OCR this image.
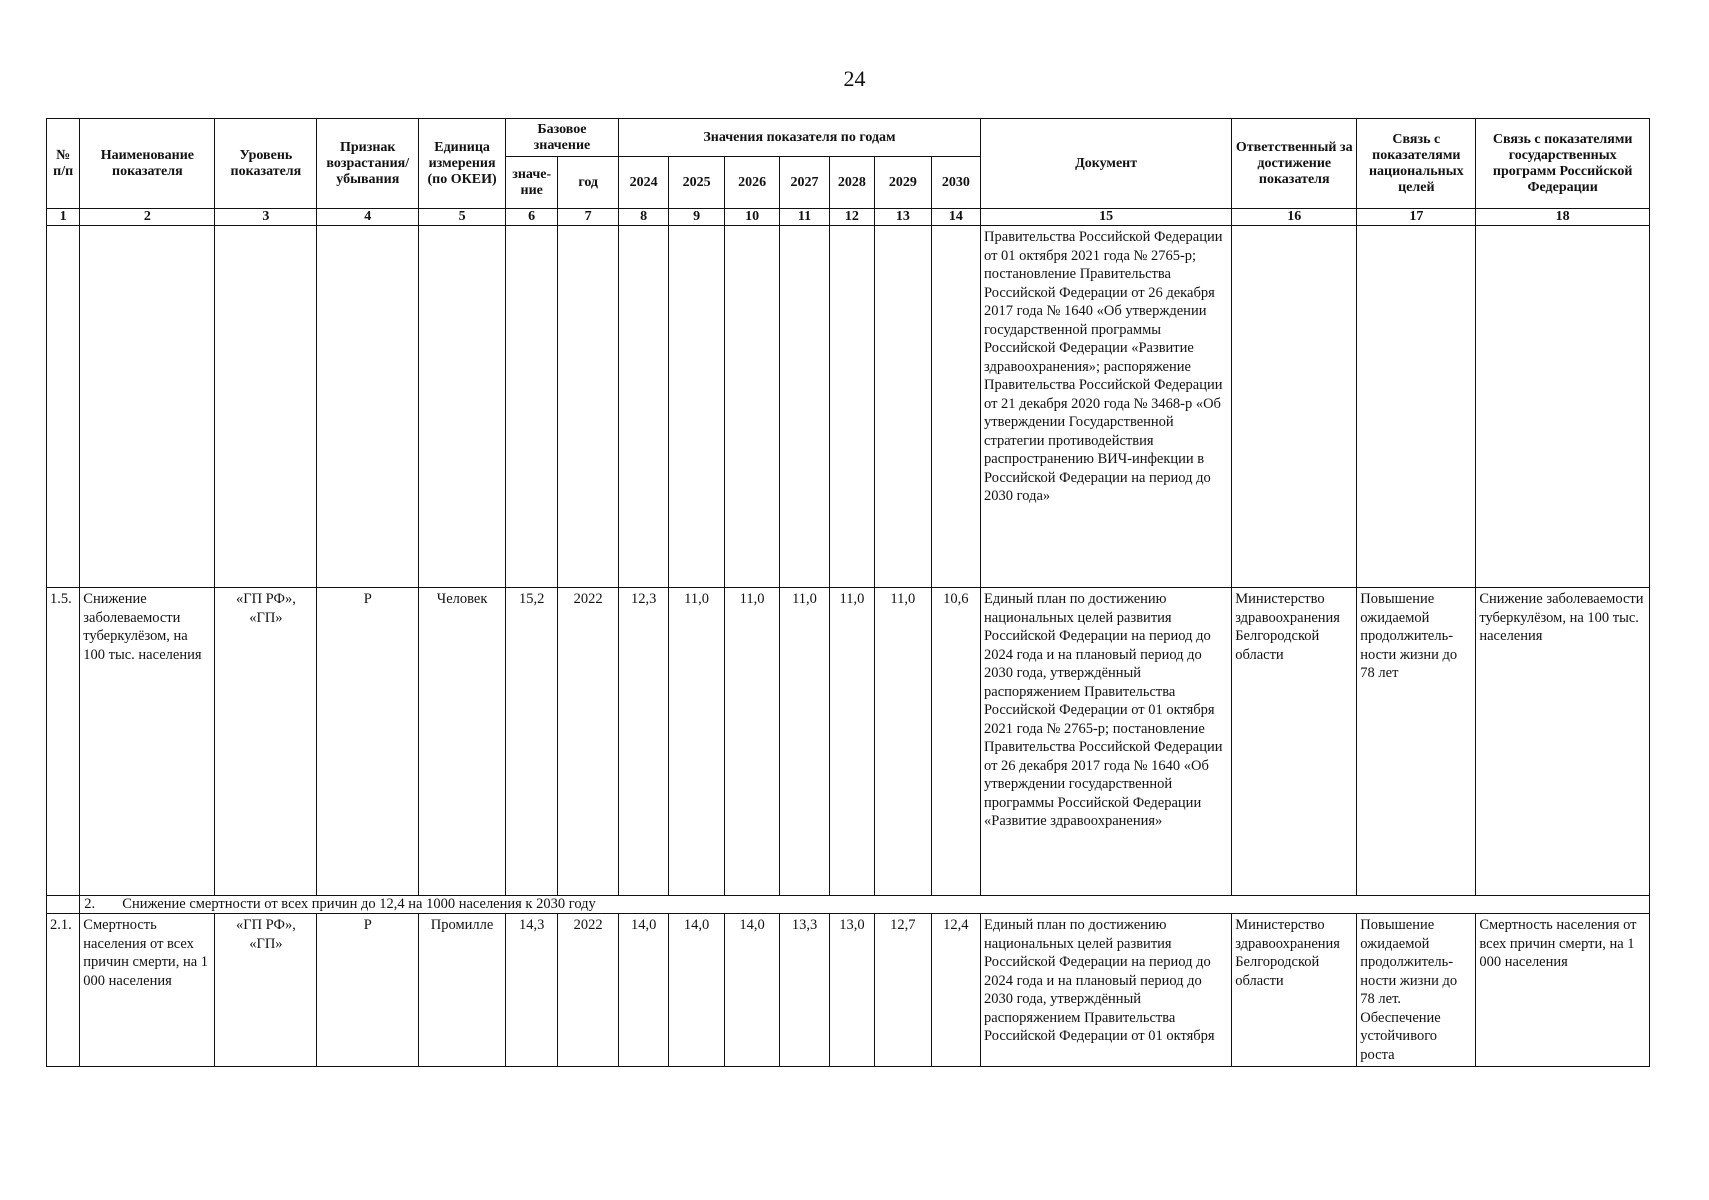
24
№ п/п	Наименование показателя	Уровень показателя	Признак возрастания/ убывания	Единица измерения (по ОКЕИ)	Базовое значение		Значения показателя по годам							Документ	Ответственный за достижение показателя	Связь с показателями национальных целей	Связь с показателями государственных программ Российской Федерации
					значе-ние	год	2024	2025	2026	2027	2028	2029	2030				
1	2	3	4	5	6	7	8	9	10	11	12	13	14	15	16	17	18
														Правительства Российской Федерации от 01 октября 2021 года № 2765-р; постановление Правительства Российской Федерации от 26 декабря 2017 года № 1640 «Об утверждении государственной программы Российской Федерации «Развитие здравоохранения»; распоряжение Правительства Российской Федерации от 21 декабря 2020 года № 3468-р «Об утверждении Государственной стратегии противодействия распространению ВИЧ-инфекции в Российской Федерации на период до 2030 года»			
1.5.	Снижение заболеваемости туберкулёзом, на 100 тыс. населения	«ГП РФ», «ГП»	Р	Человек	15,2	2022	12,3	11,0	11,0	11,0	11,0	11,0	10,6	Единый план по достижению национальных целей развития Российской Федерации на период до 2024 года и на плановый период до 2030 года, утверждённый распоряжением Правительства Российской Федерации от 01 октября 2021 года № 2765-р; постановление Правительства Российской Федерации от 26 декабря 2017 года № 1640 «Об утверждении государственной программы Российской Федерации «Развитие здравоохранения»	Министерство здравоохранения Белгородской области	Повышение ожидаемой продолжитель-ности жизни до 78 лет	Снижение заболеваемости туберкулёзом, на 100 тыс. населения
	2. Снижение смертности от всех причин до 12,4 на 1000 населения к 2030 году																
2.1.	Смертность населения от всех причин смерти, на 1 000 населения	«ГП РФ», «ГП»	Р	Промилле	14,3	2022	14,0	14,0	14,0	13,3	13,0	12,7	12,4	Единый план по достижению национальных целей развития Российской Федерации на период до 2024 года и на плановый период до 2030 года, утверждённый распоряжением Правительства Российской Федерации от 01 октября	Министерство здравоохранения Белгородской области	Повышение ожидаемой продолжитель-ности жизни до 78 лет. Обеспечение устойчивого роста	Смертность населения от всех причин смерти, на 1 000 населения
